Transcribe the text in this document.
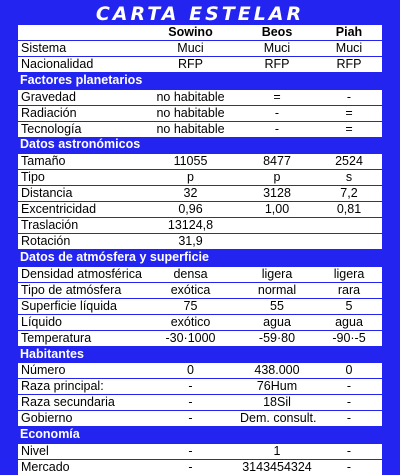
CARTA ESTELAR
	Sowino	Beos	Piah
Sistema	Muci	Muci	Muci
Nacionalidad	RFP	RFP	RFP
Factores planetarios			
Gravedad	no habitable	=	-
Radiación	no habitable	-	=
Tecnología	no habitable	-	=
Datos astronómicos			
Tamaño	11055	8477	2524
Tipo	p	p	s
Distancia	32	3128	7,2
Excentricidad	0,96	1,00	0,81
Traslación	13124,8		
Rotación	31,9		
Datos de atmósfera y superficie			
Densidad atmosférica	densa	ligera	ligera
Tipo de atmósfera	exótica	normal	rara
Superficie líquida	75	55	5
Líquido	exótico	agua	agua
Temperatura	-30·1000	-59·80	-90·-5
Habitantes			
Número	0	438.000	0
Raza principal:	-	76Hum	-
Raza secundaria	-	18Sil	-
Gobierno	-	Dem. consult.	-
Economía			
Nivel	-	1	-
Mercado	-	3143454324	-
